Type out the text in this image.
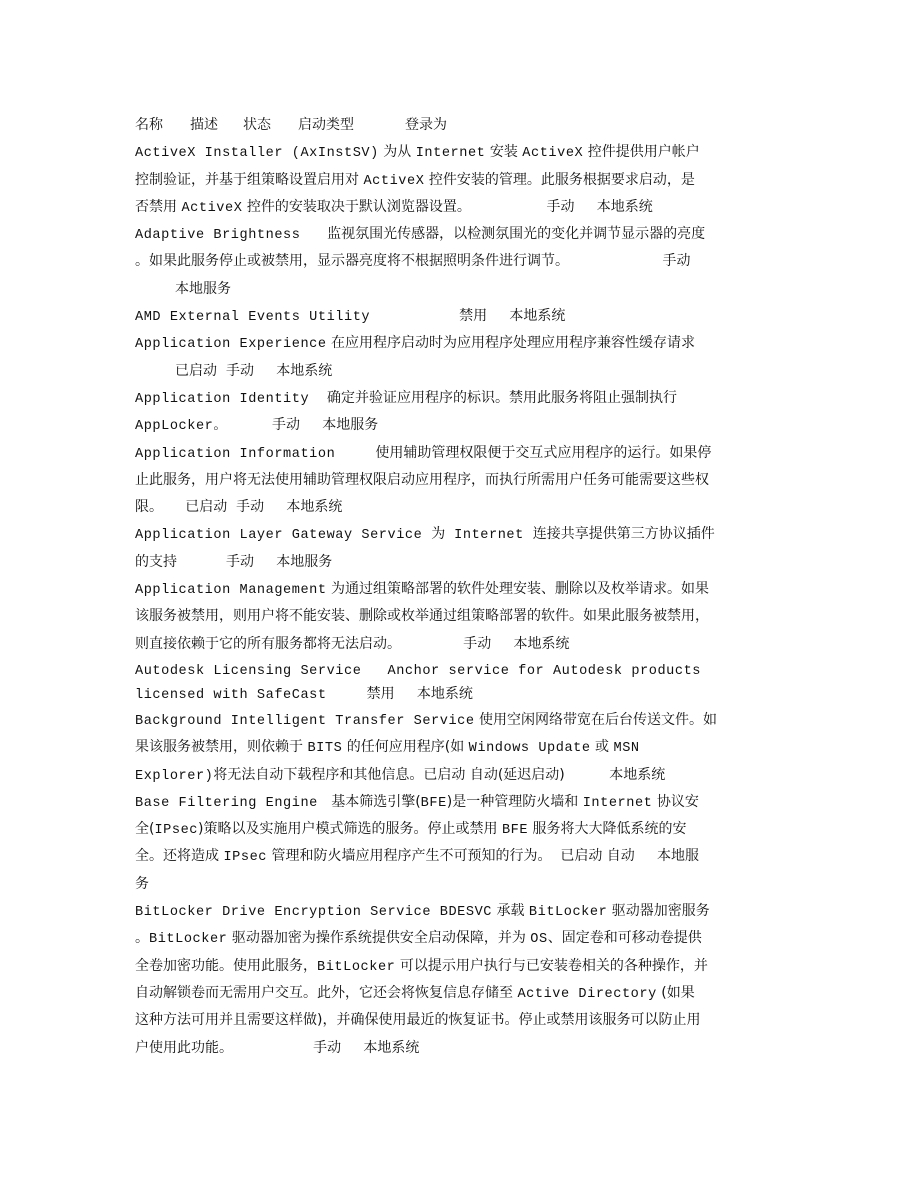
名称 描述 状态 启动类型	登录为
ActiveX Installer (AxInstSV) 为从 Internet 安装 ActiveX 控件提供用户帐户
控制验证，并基于组策略设置启用对 ActiveX 控件安装的管理。此服务根据要求启动，是
否禁用 ActiveX 控件的安装取决于默认浏览器设置。                 手动     本地系统
Adaptive Brightness      监视氛围光传感器，以检测氛围光的变化并调节显示器的亮度
。如果此服务停止或被禁用，显示器亮度将不根据照明条件进行调节。                     手动
本地服务
AMD External Events Utility                    禁用     本地系统
Application Experience 在应用程序启动时为应用程序处理应用程序兼容性缓存请求
已启动  手动     本地系统
Application Identity    确定并验证应用程序的标识。禁用此服务将阻止强制执行
AppLocker。          手动     本地服务
Application Information         使用辅助管理权限便于交互式应用程序的运行。如果停
止此服务，用户将无法使用辅助管理权限启动应用程序，而执行所需用户任务可能需要这些权
限。     已启动  手动     本地系统
Application Layer Gateway Service  为  Internet  连接共享提供第三方协议插件
的支持           手动     本地服务
Application Management 为通过组策略部署的软件处理安装、删除以及枚举请求。如果
该服务被禁用，则用户将不能安装、删除或枚举通过组策略部署的软件。如果此服务被禁用，
则直接依赖于它的所有服务都将无法启动。              手动     本地系统
Autodesk Licensing Service   Anchor service for Autodesk products
licensed with SafeCast         禁用     本地系统
Background Intelligent Transfer Service 使用空闲网络带宽在后台传送文件。如
果该服务被禁用，则依赖于 BITS 的任何应用程序(如 Windows Update 或 MSN
Explorer)将无法自动下载程序和其他信息。已启动 自动(延迟启动)          本地系统
Base Filtering Engine   基本筛选引擎(BFE)是一种管理防火墙和 Internet 协议安
全(IPsec)策略以及实施用户模式筛选的服务。停止或禁用 BFE 服务将大大降低系统的安
全。还将造成 IPsec 管理和防火墙应用程序产生不可预知的行为。  已启动 自动     本地服
务
BitLocker Drive Encryption Service BDESVC 承载 BitLocker 驱动器加密服务
。BitLocker 驱动器加密为操作系统提供安全启动保障，并为 OS、固定卷和可移动卷提供
全卷加密功能。使用此服务，BitLocker 可以提示用户执行与已安装卷相关的各种操作，并
自动解锁卷而无需用户交互。此外，它还会将恢复信息存储至 Active Directory (如果
这种方法可用并且需要这样做)，并确保使用最近的恢复证书。停止或禁用该服务可以防止用
户使用此功能。                  手动     本地系统
